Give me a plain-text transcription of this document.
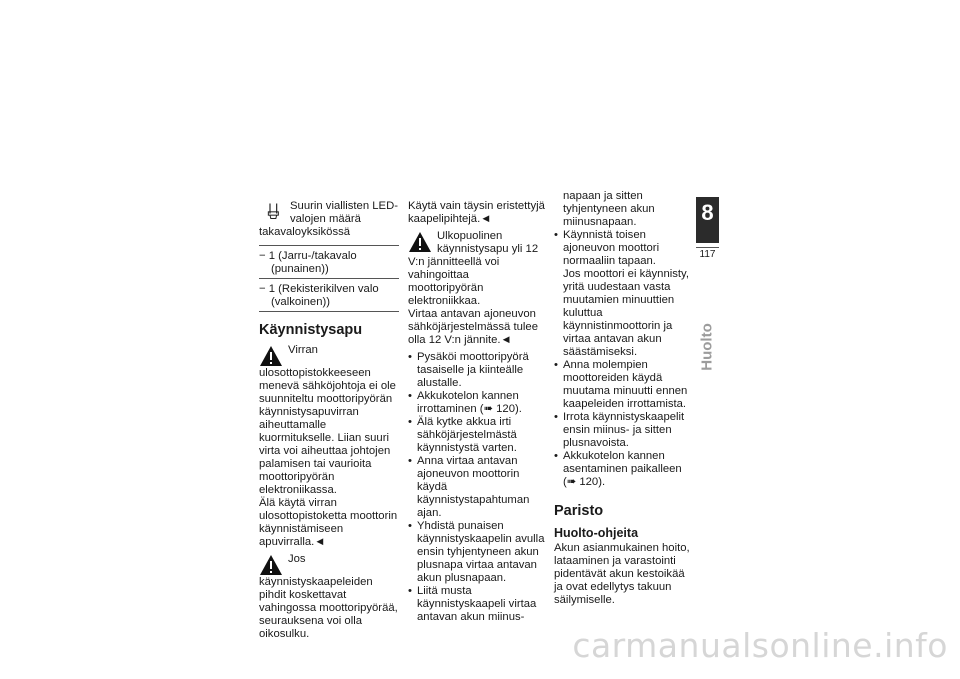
Suurin viallisten LED-valojen määrä takavaloyksikössä

− 1 (Jarru-/takavalo (punainen))

− 1 (Rekisterikilven valo (valkoinen))

Käynnistysapu

Virran ulosottopistokkeeseen menevä sähköjohtoja ei ole suunniteltu moottoripyörän käynnistysapuvirran aiheuttamalle kuormitukselle. Liian suuri virta voi aiheuttaa johtojen palamisen tai vaurioita moottoripyörän elektroniikassa.

Älä käytä virran ulosottopistoketta moottorin käynnistämiseen apuvirralla.◄

Jos käynnistyskaapeleiden pihdit koskettavat vahingossa moottoripyörää, seurauksena voi olla oikosulku.

Käytä vain täysin eristettyjä kaapelipihtejä.◄

Ulkopuolinen käynnistysapu yli 12 V:n jännitteellä voi vahingoittaa moottoripyörän elektroniikkaa.

Virtaa antavan ajoneuvon sähköjärjestelmässä tulee olla 12 V:n jännite.◄

• Pysäköi moottoripyörä tasaiselle ja kiinteälle alustalle.
• Akkukotelon kannen irrottaminen (➠ 120).
• Älä kytke akkua irti sähköjärjestelmästä käynnistystä varten.
• Anna virtaa antavan ajoneuvon moottorin käydä käynnistystapahtuman ajan.
• Yhdistä punaisen käynnistyskaapelin avulla ensin tyhjentyneen akun plusnapa virtaa antavan akun plusnapaan.
• Liitä musta käynnistyskaapeli virtaa antavan akun miinus-

napaan ja sitten tyhjentyneen akun miinusnapaan.

• Käynnistä toisen ajoneuvon moottori normaaliin tapaan.

Jos moottori ei käynnisty, yritä uudestaan vasta muutamien minuuttien kuluttua käynnistinmoottorin ja virtaa antavan akun säästämiseksi.

• Anna molempien moottoreiden käydä muutama minuutti ennen kaapeleiden irrottamista.
• Irrota käynnistyskaapelit ensin miinus- ja sitten plusnavoista.
• Akkukotelon kannen asentaminen paikalleen (➠ 120).
Paristo
Huolto-ohjeita

Akun asianmukainen hoito, lataaminen ja varastointi pidentävät akun kestoikää ja ovat edellytys takuun säilymiselle.

8
117
Huolto
carmanualsonline.info
